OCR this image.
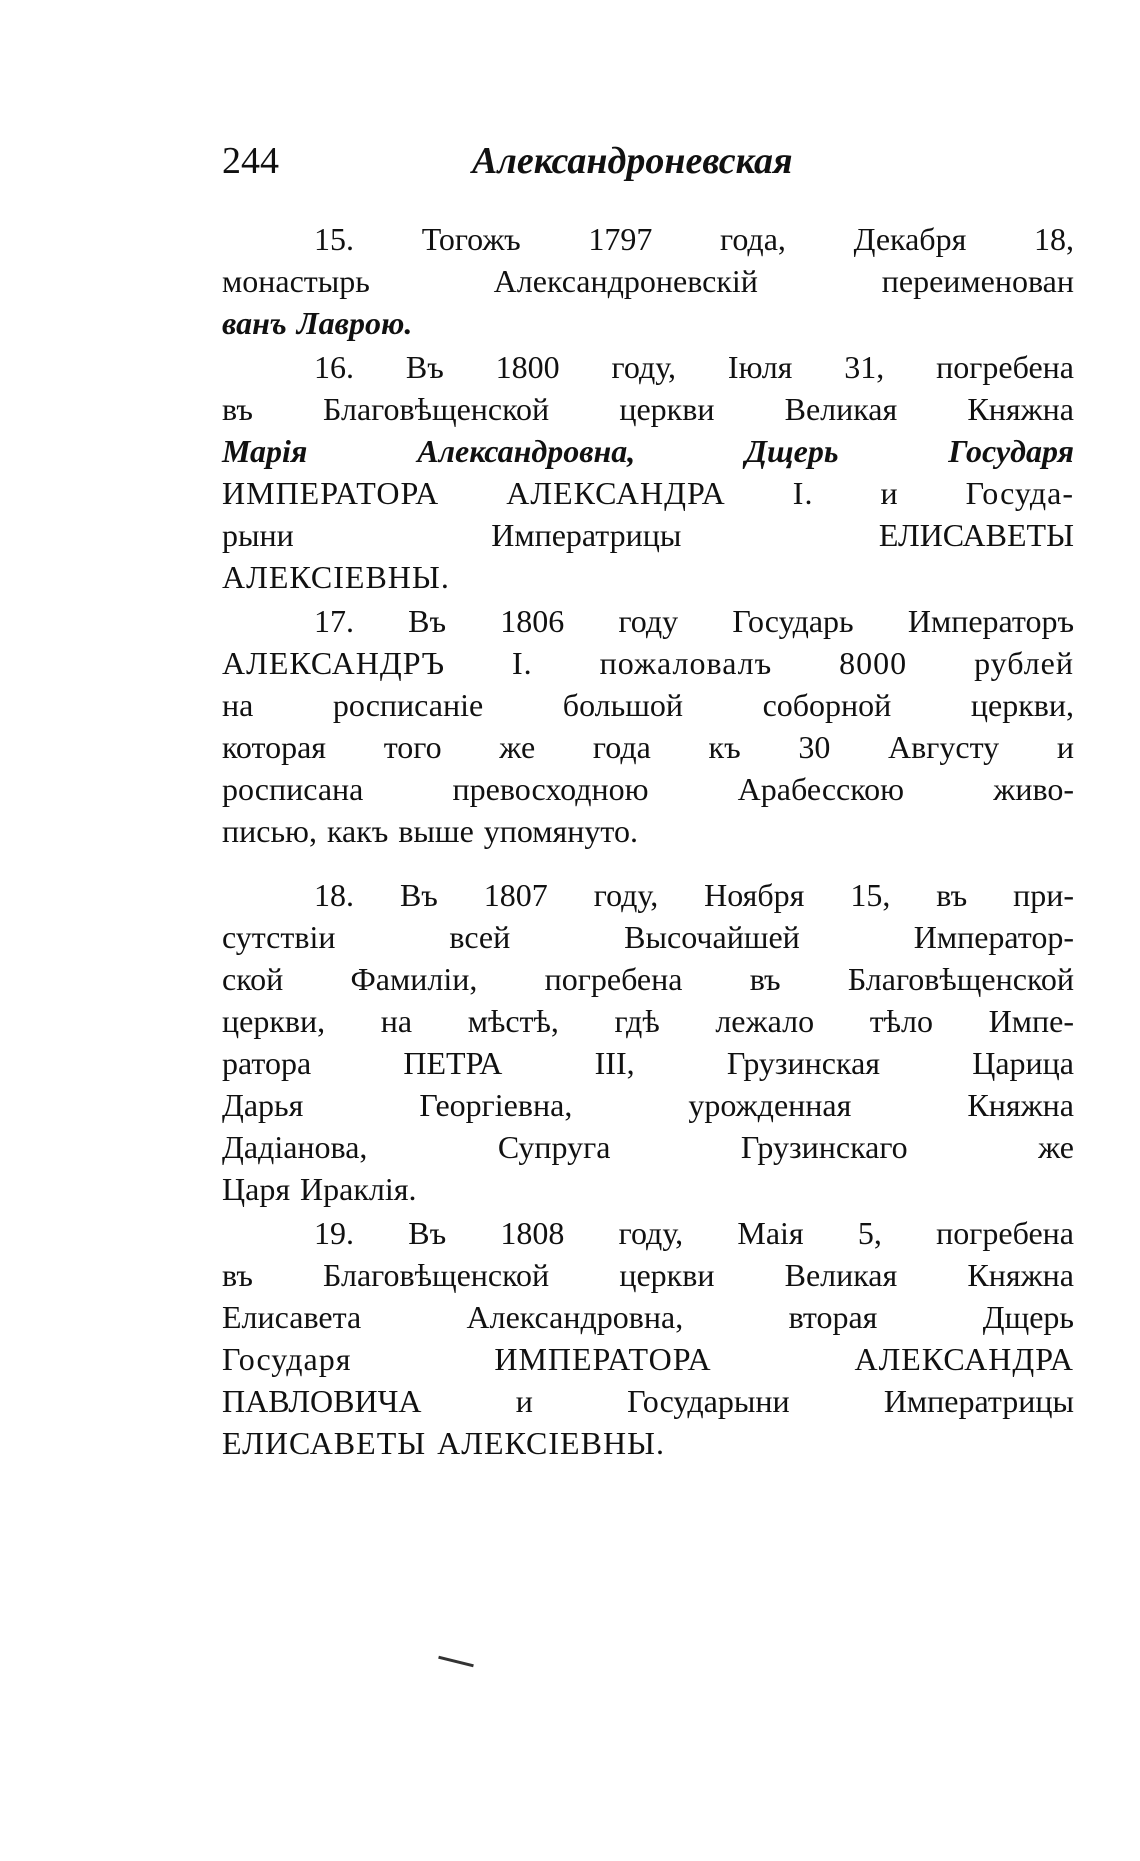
244	Александроневская

15. Тогожъ 1797 года, Декабря 18,
монастырь Александроневскій переименован
ванъ Лаврою.

16. Въ 1800 году, Іюля 31, погребена
въ Благовѣщенской церкви Великая Княжна
Марія Александровна, Дщерь Государя
ИМПЕРАТОРА АЛЕКСАНДРА I. и Госуда-
рыни Императрицы ЕЛИСАВЕТЫ
АЛЕКСІЕВНЫ.

17. Въ 1806 году Государь Императоръ
АЛЕКСАНДРЪ I. пожаловалъ 8000 рублей
на росписаніе большой соборной церкви,
которая того же года къ 30 Августу и
росписана превосходною Арабесскою живо-
писью, какъ выше упомянуто.

18. Въ 1807 году, Ноября 15, въ при-
сутствіи всей Высочайшей Император-
ской Фамиліи, погребена въ Благовѣщенской
церкви, на мѣстѣ, гдѣ лежало тѣло Импе-
ратора ПЕТРА III, Грузинская Царица
Дарья Георгіевна, урожденная Княжна
Дадіанова, Супруга Грузинскаго же
Царя Ираклія.

19. Въ 1808 году, Маія 5, погребена
въ Благовѣщенской церкви Великая Княжна
Елисавета Александровна, вторая Дщерь
Государя ИМПЕРАТОРА АЛЕКСАНДРА
ПАВЛОВИЧА и Государыни Императрицы
ЕЛИСАВЕТЫ АЛЕКСІЕВНЫ.
